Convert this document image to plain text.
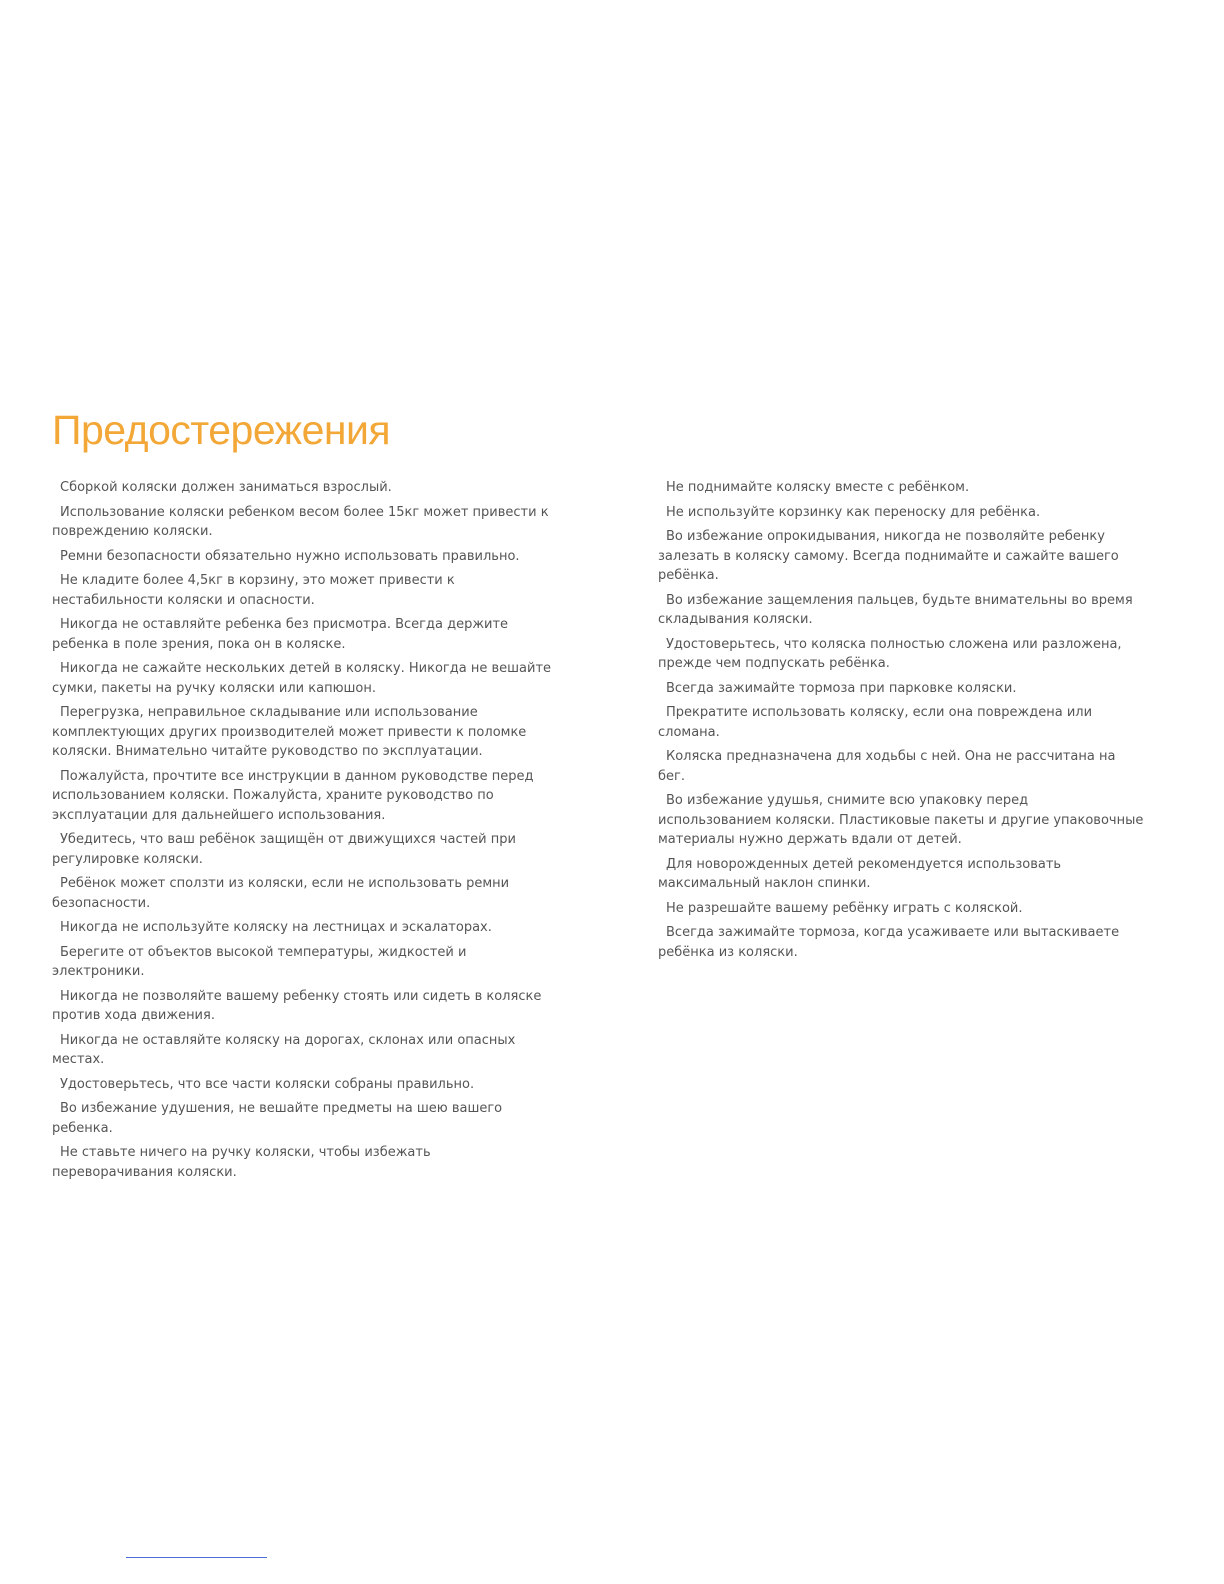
Предостережения
Сборкой коляски должен заниматься взрослый.
Использование коляски ребенком весом более 15кг может привести к повреждению коляски.
Ремни безопасности обязательно нужно использовать правильно.
Не кладите более 4,5кг в корзину, это может привести к нестабильности коляски и опасности.
Никогда не оставляйте ребенка без присмотра. Всегда держите ребенка в поле зрения, пока он в коляске.
Никогда не сажайте нескольких детей в коляску. Никогда не вешайте сумки, пакеты на ручку коляски или капюшон.
Перегрузка, неправильное складывание или использование комплектующих других производителей может привести к поломке коляски. Внимательно читайте руководство по эксплуатации.
Пожалуйста, прочтите все инструкции в данном руководстве перед использованием коляски. Пожалуйста, храните руководство по эксплуатации для дальнейшего использования.
Убедитесь, что ваш ребёнок защищён от движущихся частей при регулировке коляски.
Ребёнок может сползти из коляски, если не использовать ремни безопасности.
Никогда не используйте коляску на лестницах и эскалаторах.
Берегите от объектов высокой температуры, жидкостей и электроники.
Никогда не позволяйте вашему ребенку стоять или сидеть в коляске против хода движения.
Никогда не оставляйте коляску на дорогах, склонах или опасных местах.
Удостоверьтесь, что все части коляски собраны правильно.
Во избежание удушения, не вешайте предметы на шею вашего ребенка.
Не ставьте ничего на ручку коляски, чтобы избежать переворачивания коляски.
Не поднимайте коляску вместе с ребёнком.
Не используйте корзинку как переноску для ребёнка.
Во избежание опрокидывания, никогда не позволяйте ребенку залезать в коляску самому. Всегда поднимайте и сажайте вашего ребёнка.
Во избежание защемления пальцев, будьте внимательны во время складывания коляски.
Удостоверьтесь, что коляска полностью сложена или разложена, прежде чем подпускать ребёнка.
Всегда зажимайте тормоза при парковке коляски.
Прекратите использовать коляску, если она повреждена или сломана.
Коляска предназначена для ходьбы с ней. Она не рассчитана на бег.
Во избежание удушья, снимите всю упаковку перед использованием коляски. Пластиковые пакеты и другие упаковочные материалы нужно держать вдали от детей.
Для новорожденных детей рекомендуется использовать максимальный наклон спинки.
Не разрешайте вашему ребёнку играть с коляской.
Всегда зажимайте тормоза, когда усаживаете или вытаскиваете ребёнка из коляски.
